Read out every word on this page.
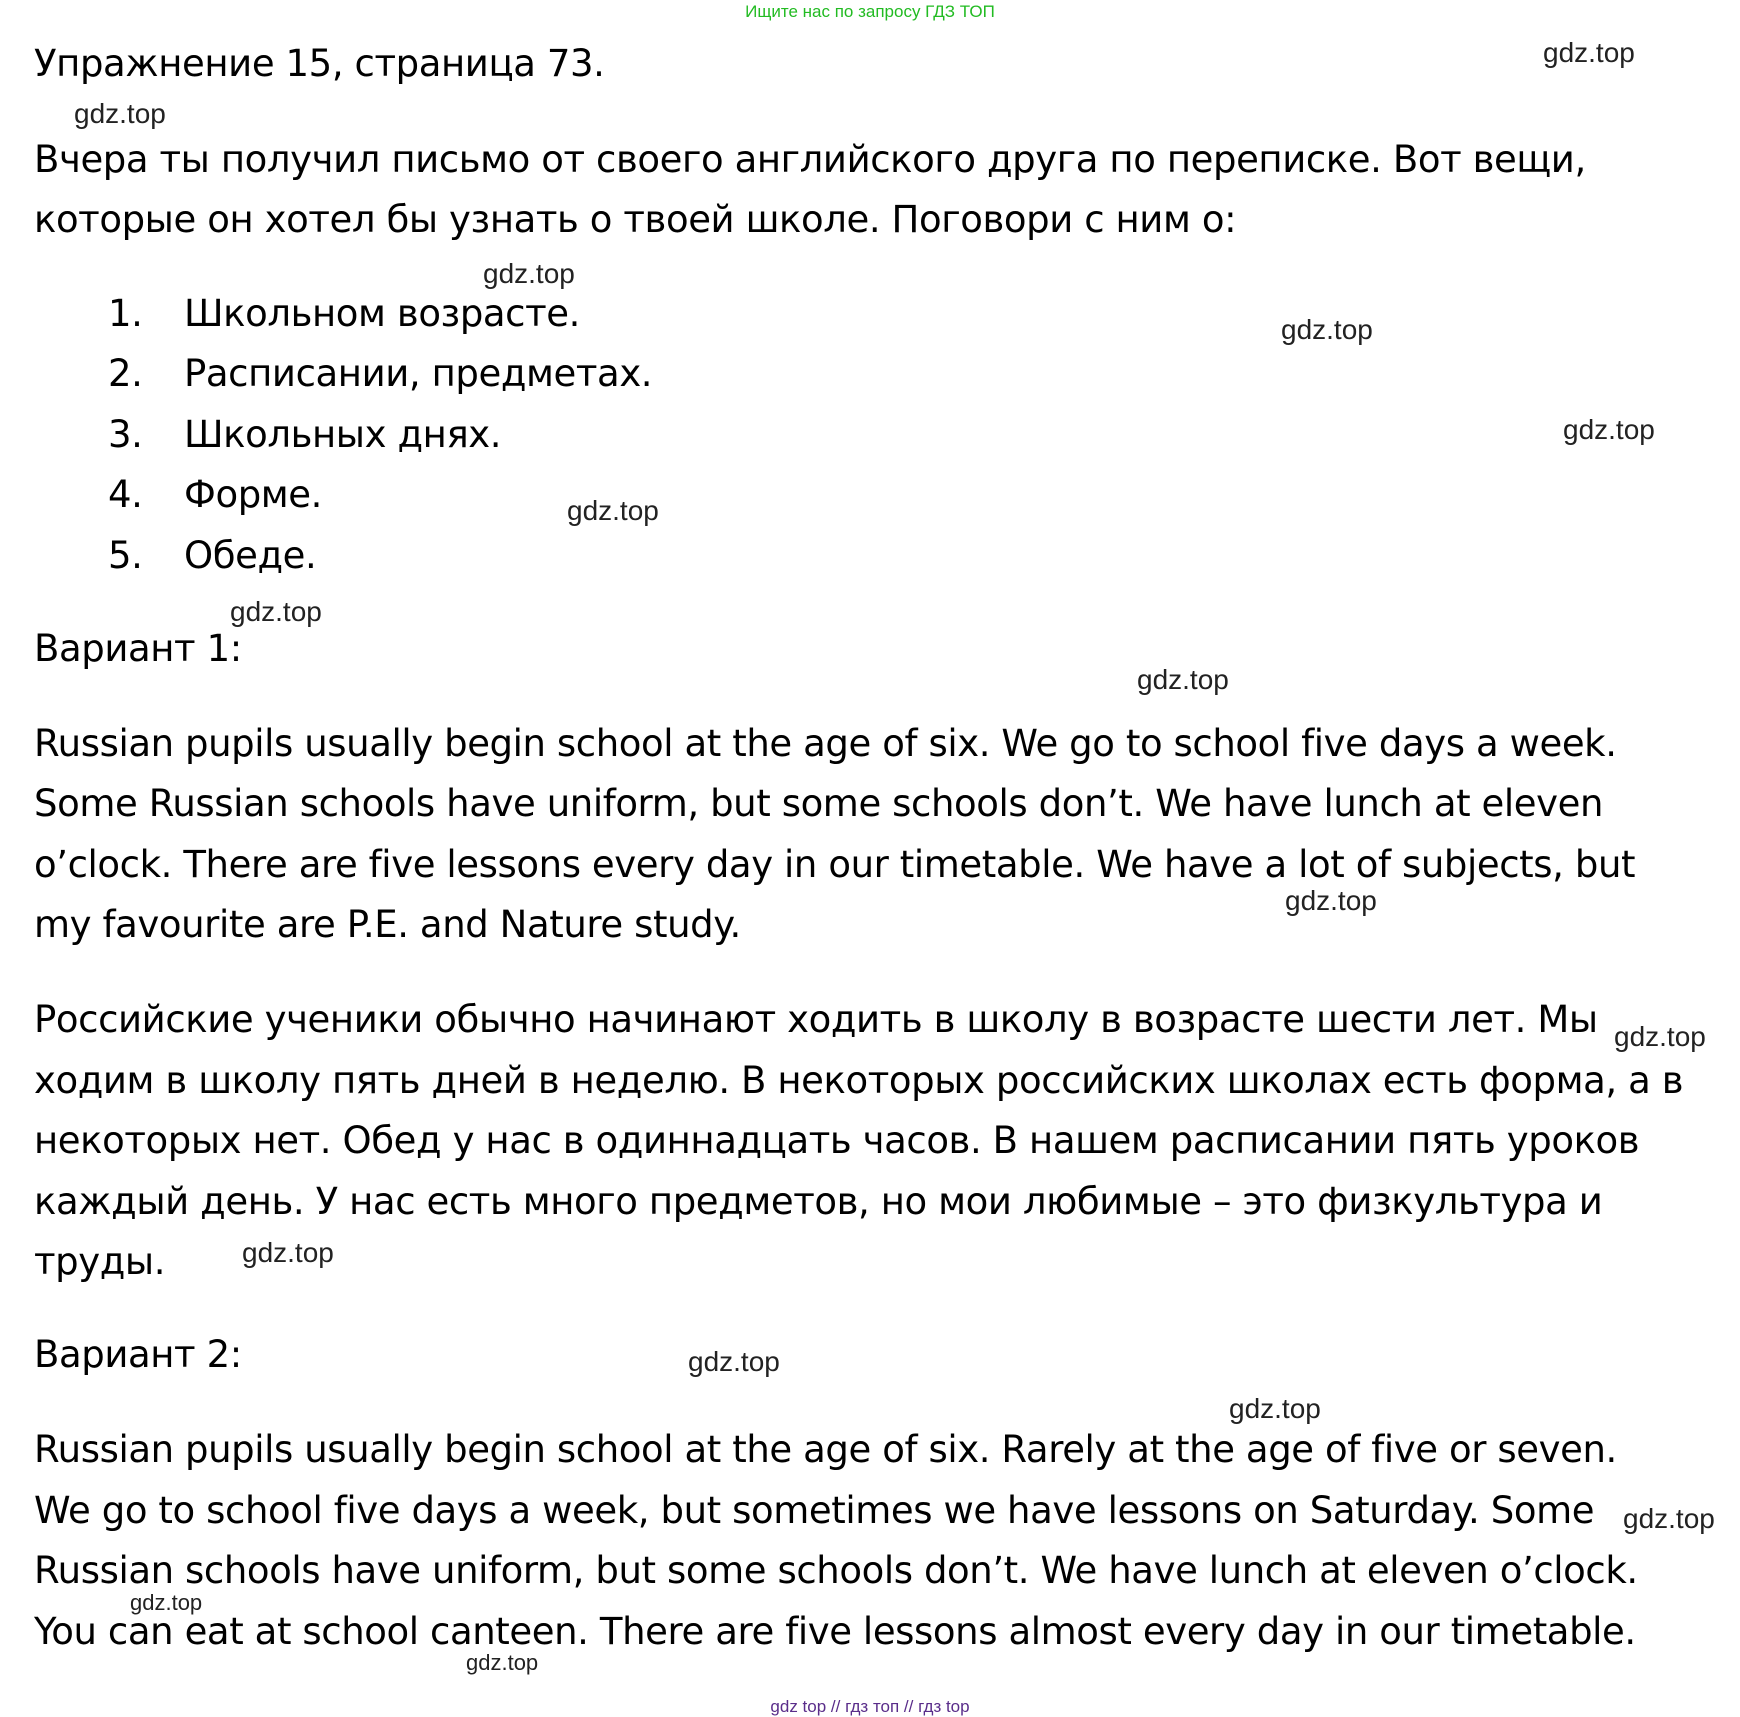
Ищите нас по запросу ГДЗ ТОП
Упражнение 15, страница 73.
Вчера ты получил письмо от своего английского друга по переписке. Вот вещи,
которые он хотел бы узнать о твоей школе. Поговори с ним о:
1. Школьном возрасте.
2. Расписании, предметах.
3. Школьных днях.
4. Форме.
5. Обеде.
Вариант 1:
Russian pupils usually begin school at the age of six. We go to school five days a week.
Some Russian schools have uniform, but some schools don’t. We have lunch at eleven
o’clock. There are five lessons every day in our timetable. We have a lot of subjects, but
my favourite are P.E. and Nature study.
Российские ученики обычно начинают ходить в школу в возрасте шести лет. Мы
ходим в школу пять дней в неделю. В некоторых российских школах есть форма, а в
некоторых нет. Обед у нас в одиннадцать часов. В нашем расписании пять уроков
каждый день. У нас есть много предметов, но мои любимые – это физкультура и
труды.
Вариант 2:
Russian pupils usually begin school at the age of six. Rarely at the age of five or seven.
We go to school five days a week, but sometimes we have lessons on Saturday. Some
Russian schools have uniform, but some schools don’t. We have lunch at eleven o’clock.
You can eat at school canteen. There are five lessons almost every day in our timetable.
gdz.top
gdz.top
gdz.top
gdz.top
gdz.top
gdz.top
gdz.top
gdz.top
gdz.top
gdz.top
gdz.top
gdz.top
gdz.top
gdz.top
gdz.top
gdz.top
gdz top // гдз топ // гдз top
